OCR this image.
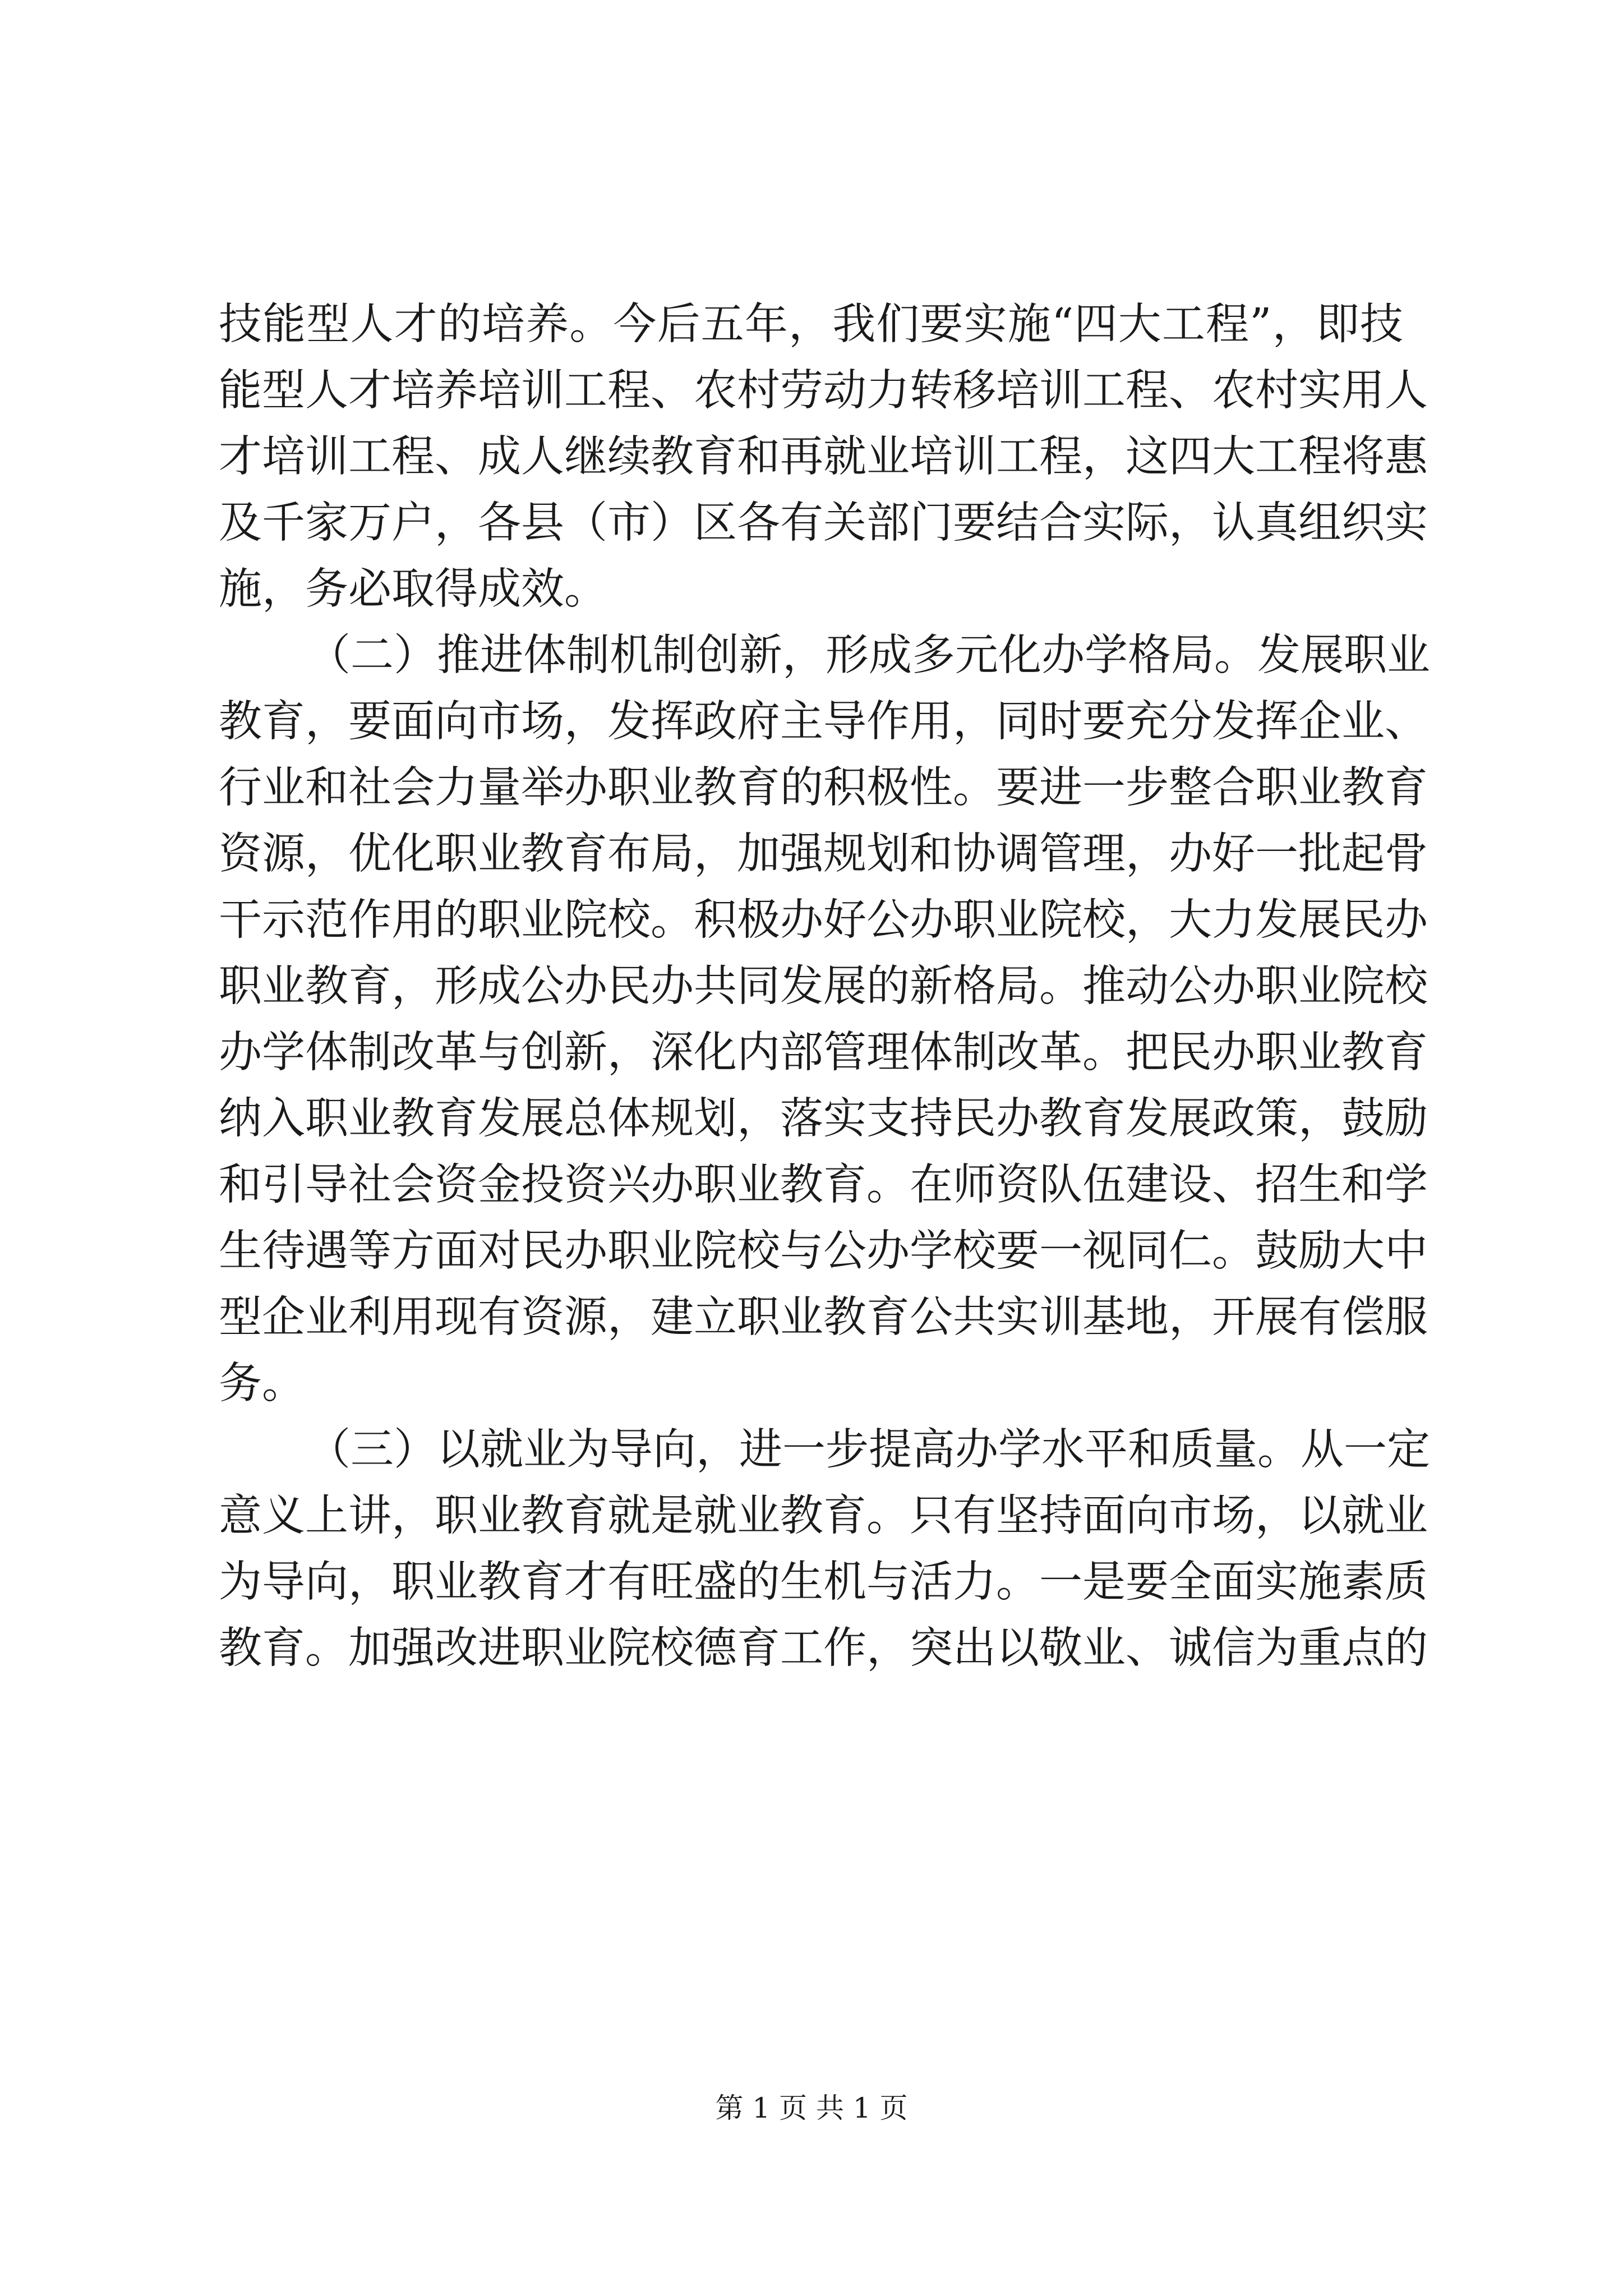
技能型人才的培养。今后五年，我们要实施“四大工程”，即技
能型人才培养培训工程、农村劳动力转移培训工程、农村实用人
才培训工程、成人继续教育和再就业培训工程，这四大工程将惠
及千家万户，各县（市）区各有关部门要结合实际，认真组织实
施，务必取得成效。
（二）推进体制机制创新，形成多元化办学格局。发展职业
教育，要面向市场，发挥政府主导作用，同时要充分发挥企业、
行业和社会力量举办职业教育的积极性。要进一步整合职业教育
资源，优化职业教育布局，加强规划和协调管理，办好一批起骨
干示范作用的职业院校。积极办好公办职业院校，大力发展民办
职业教育，形成公办民办共同发展的新格局。推动公办职业院校
办学体制改革与创新，深化内部管理体制改革。把民办职业教育
纳入职业教育发展总体规划，落实支持民办教育发展政策，鼓励
和引导社会资金投资兴办职业教育。在师资队伍建设、招生和学
生待遇等方面对民办职业院校与公办学校要一视同仁。鼓励大中
型企业利用现有资源，建立职业教育公共实训基地，开展有偿服
务。
（三）以就业为导向，进一步提高办学水平和质量。从一定
意义上讲，职业教育就是就业教育。只有坚持面向市场，以就业
为导向，职业教育才有旺盛的生机与活力。一是要全面实施素质
教育。加强改进职业院校德育工作，突出以敬业、诚信为重点的
第 1 页 共 1 页
